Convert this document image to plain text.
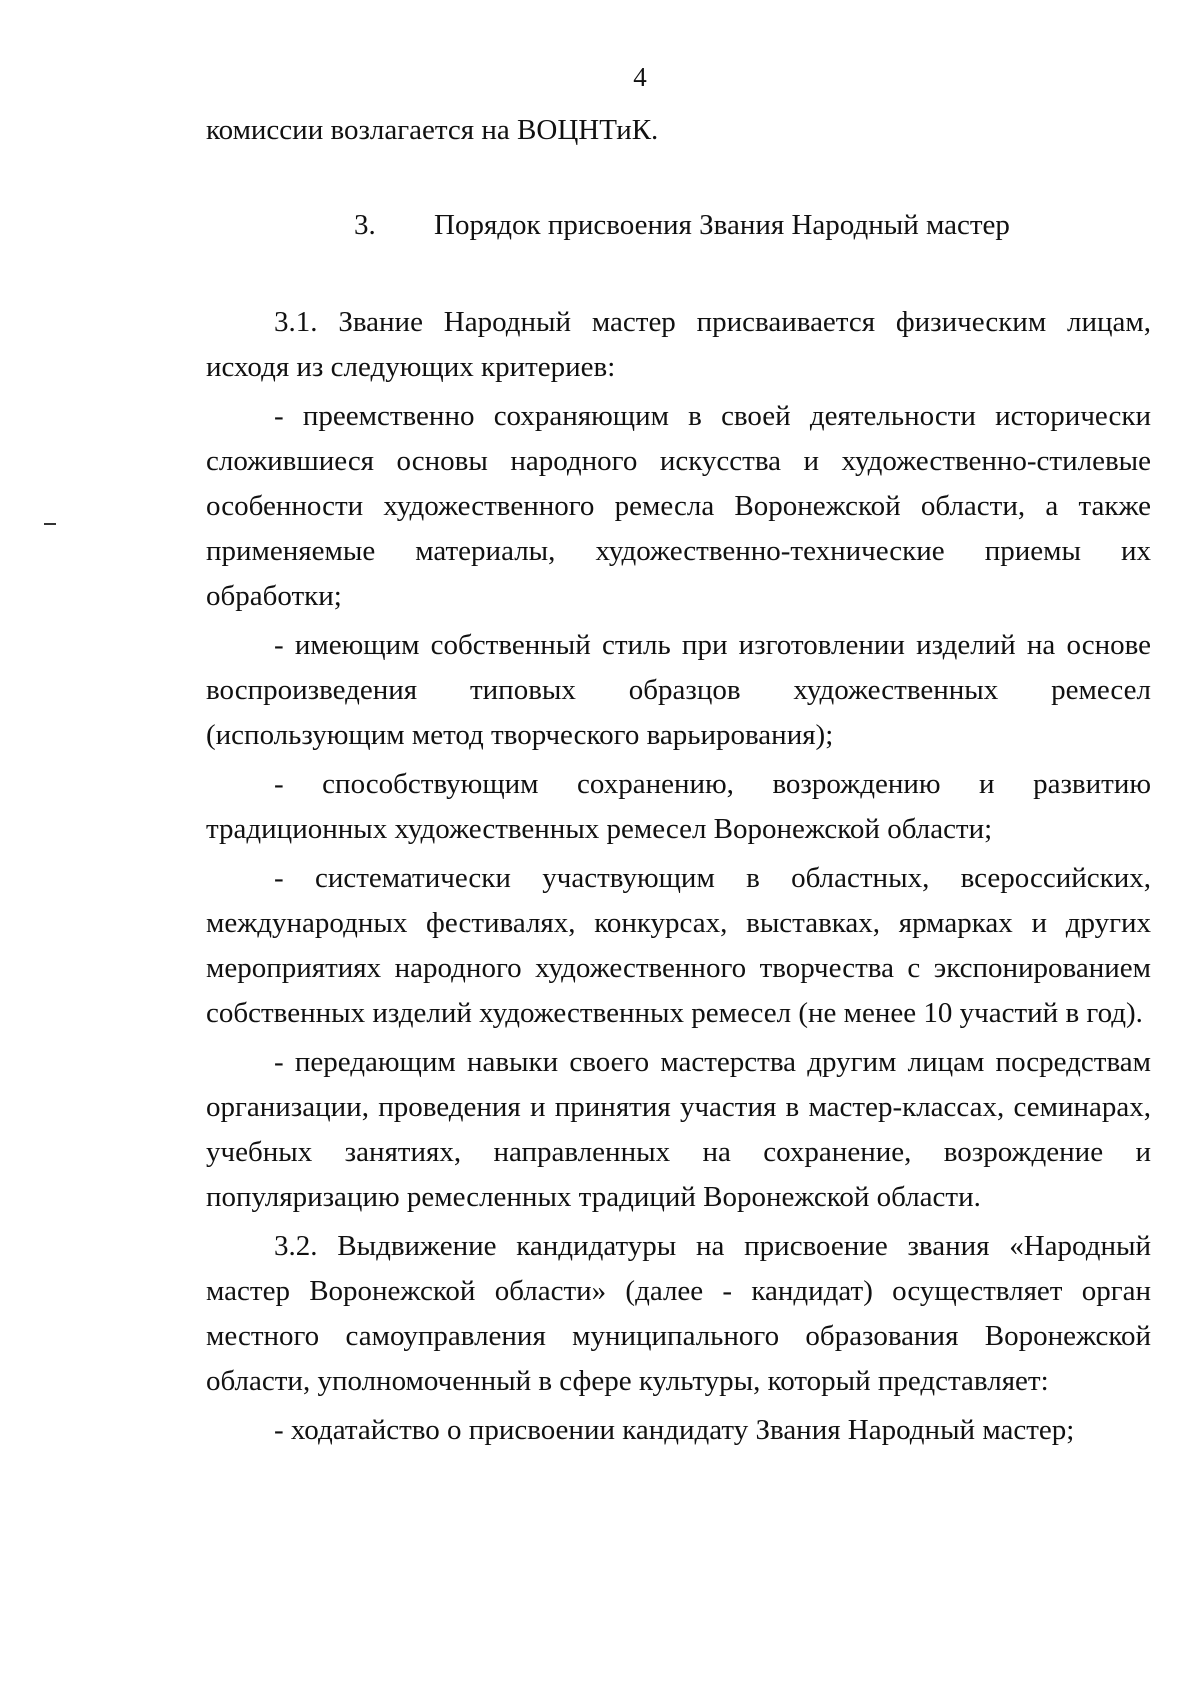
4

комиссии возлагается на ВОЦНТиК.

3. Порядок присвоения Звания Народный мастер

3.1. Звание Народный мастер присваивается физическим лицам, исходя из следующих критериев:

- преемственно сохраняющим в своей деятельности исторически сложившиеся основы народного искусства и художественно-стилевые особенности художественного ремесла Воронежской области, а также применяемые материалы, художественно-технические приемы их обработки;

- имеющим собственный стиль при изготовлении изделий на основе воспроизведения типовых образцов художественных ремесел (использующим метод творческого варьирования);

- способствующим сохранению, возрождению и развитию традиционных художественных ремесел Воронежской области;

- систематически участвующим в областных, всероссийских, международных фестивалях, конкурсах, выставках, ярмарках и других мероприятиях народного художественного творчества с экспонированием собственных изделий художественных ремесел (не менее 10 участий в год).

- передающим навыки своего мастерства другим лицам посредствам организации, проведения и принятия участия в мастер-классах, семинарах, учебных занятиях, направленных на сохранение, возрождение и популяризацию ремесленных традиций Воронежской области.

3.2. Выдвижение кандидатуры на присвоение звания «Народный мастер Воронежской области» (далее - кандидат) осуществляет орган местного самоуправления муниципального образования Воронежской области, уполномоченный в сфере культуры, который представляет:

- ходатайство о присвоении кандидату Звания Народный мастер;
